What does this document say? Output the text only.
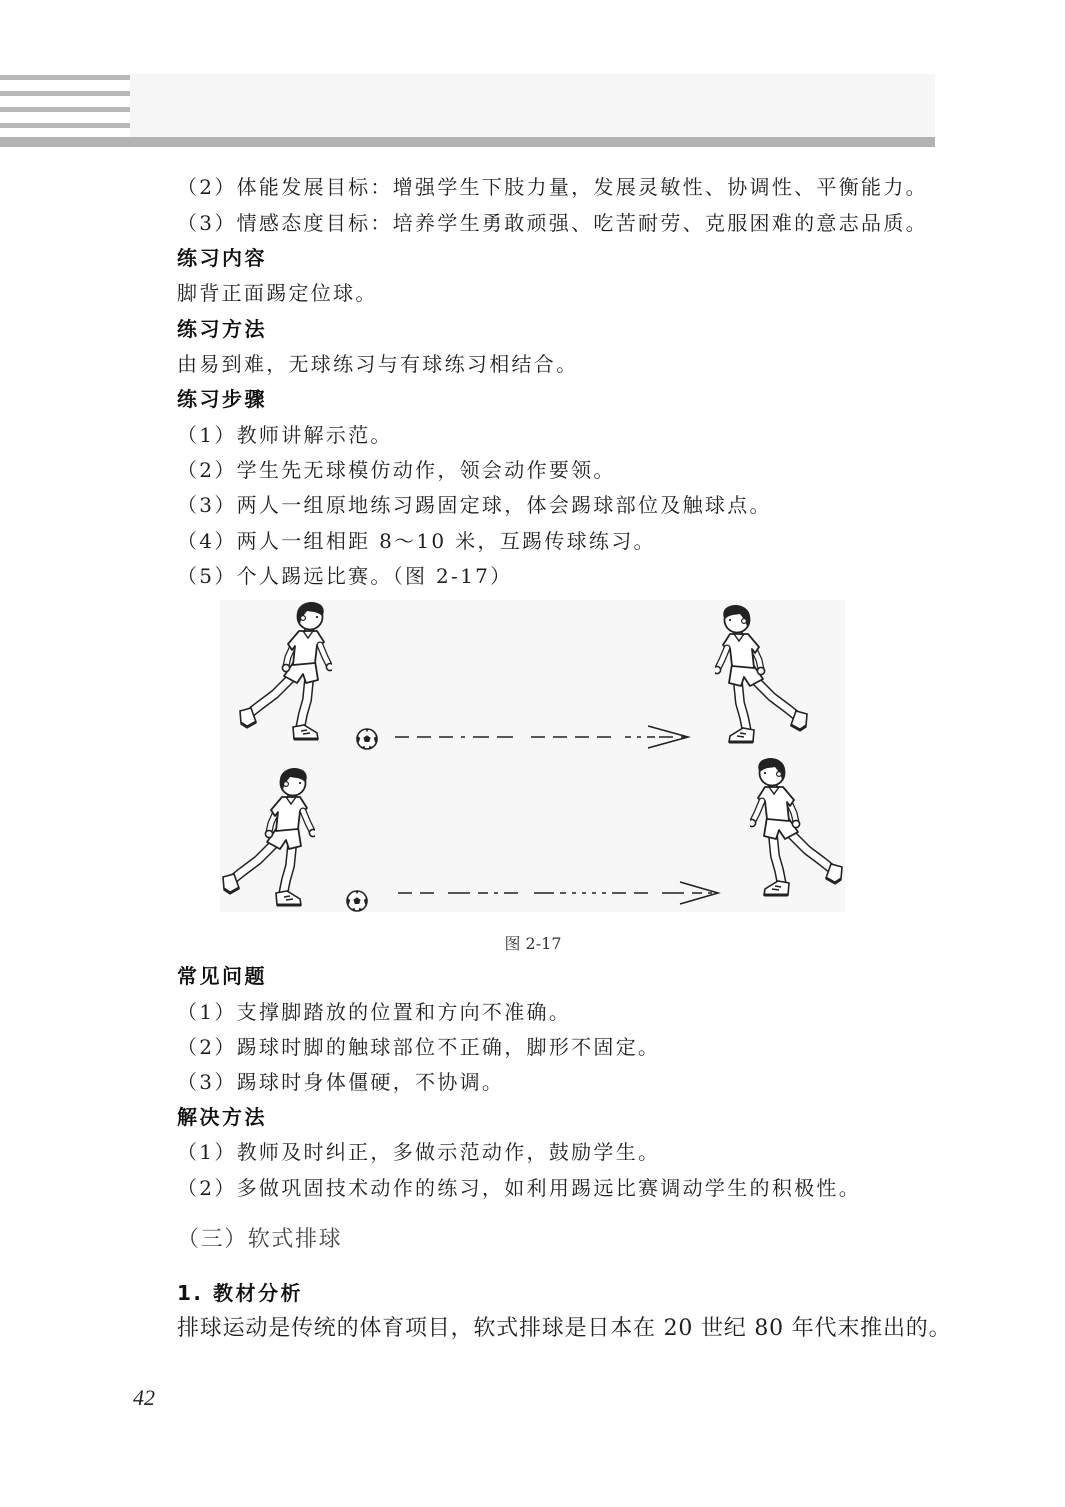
（2）体能发展目标：增强学生下肢力量，发展灵敏性、协调性、平衡能力。
（3）情感态度目标：培养学生勇敢顽强、吃苦耐劳、克服困难的意志品质。
练习内容
脚背正面踢定位球。
练习方法
由易到难，无球练习与有球练习相结合。
练习步骤
（1）教师讲解示范。
（2）学生先无球模仿动作，领会动作要领。
（3）两人一组原地练习踢固定球，体会踢球部位及触球点。
（4）两人一组相距 8～10 米，互踢传球练习。
（5）个人踢远比赛。（图 2-17）
图 2-17
常见问题
（1）支撑脚踏放的位置和方向不准确。
（2）踢球时脚的触球部位不正确，脚形不固定。
（3）踢球时身体僵硬，不协调。
解决方法
（1）教师及时纠正，多做示范动作，鼓励学生。
（2）多做巩固技术动作的练习，如利用踢远比赛调动学生的积极性。
（三）软式排球
1. 教材分析
排球运动是传统的体育项目，软式排球是日本在 20 世纪 80 年代末推出的。
42
